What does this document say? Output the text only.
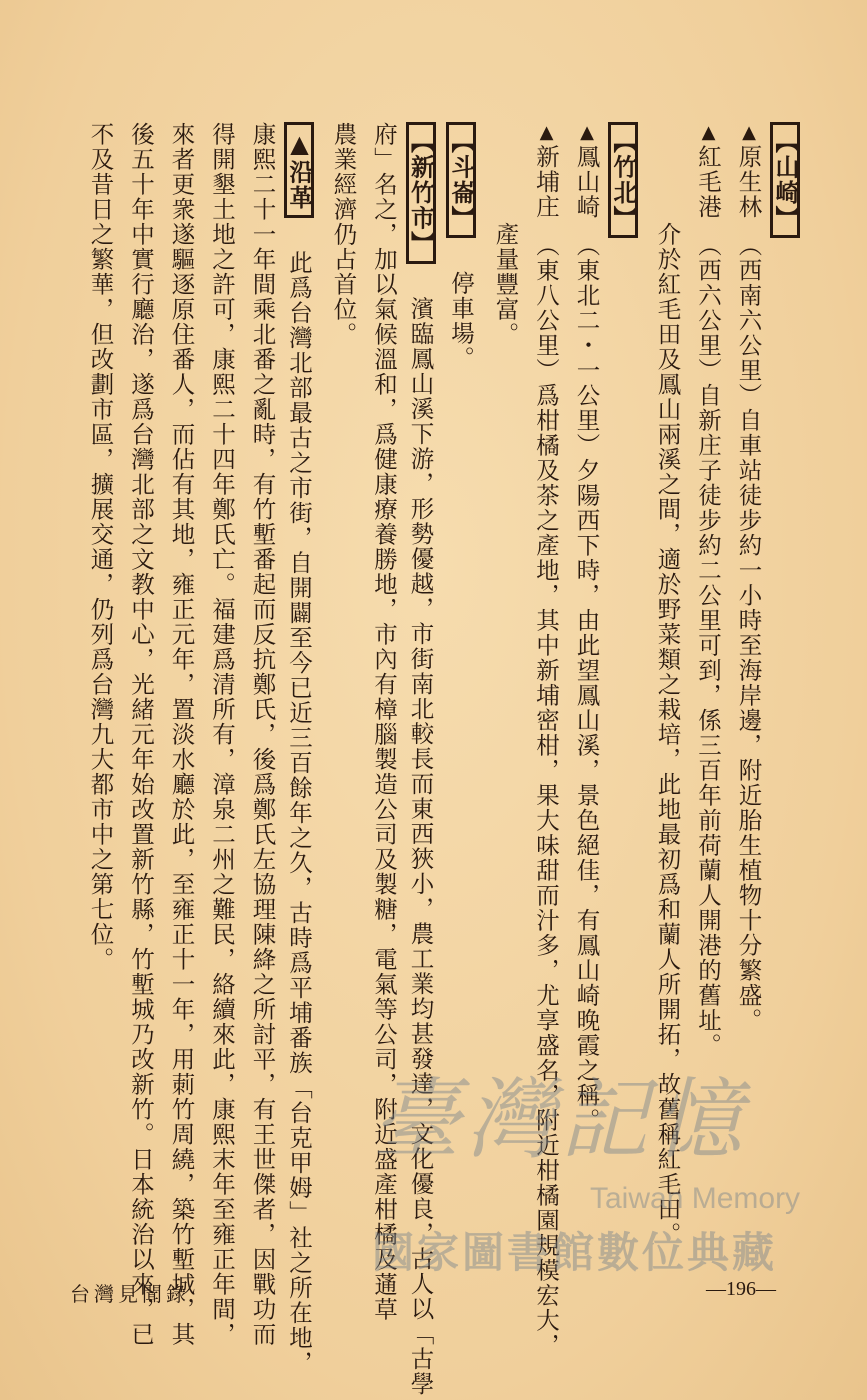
【山崎】
▲原生林　（西南六公里）自車站徒步約一小時至海岸邊，附近胎生植物十分繁盛。
▲紅毛港　（西六公里）自新庄子徒步約二公里可到，係三百年前荷蘭人開港的舊址。
　　　　介於紅毛田及鳳山兩溪之間，適於野菜類之栽培，此地最初爲和蘭人所開拓，故舊稱紅毛田。
【竹北】
▲鳳山崎　（東北二・一公里）夕陽西下時，由此望鳳山溪，景色絕佳，有鳳山崎晚霞之稱。
▲新埔庄　（東八公里）爲柑橘及茶之產地，其中新埔密柑，果大味甜而汁多，尤享盛名，附近柑橘園規模宏大，
　　　　產量豐富。
【斗崙】　停車場。
【新竹市】　濱臨鳳山溪下游，形勢優越，市街南北較長而東西狹小，農工業均甚發達，文化優良，古人以「古學
府」名之，加以氣候溫和，爲健康療養勝地，市內有樟腦製造公司及製糖，電氣等公司，附近盛產柑橘及蓪草
農業經濟仍占首位。
▲沿革　此爲台灣北部最古之市街，自開闢至今已近三百餘年之久，古時爲平埔番族「台克甲姆」社之所在地，
康熙二十一年間乘北番之亂時，有竹塹番起而反抗鄭氏，後爲鄭氏左協理陳絳之所討平，有王世傑者，因戰功而
得開墾土地之許可，康熙二十四年鄭氏亡。福建爲清所有，漳泉二州之難民，絡續來此，康熙末年至雍正年間，
來者更衆遂驅逐原住番人，而佔有其地，雍正元年，置淡水廳於此，至雍正十一年，用莿竹周繞，築竹塹城，其
後五十年中實行廳治，遂爲台灣北部之文教中心，光緒元年始改置新竹縣，竹塹城乃改新竹。日本統治以來，已
不及昔日之繁華，但改劃市區，擴展交通，仍列爲台灣九大都市中之第七位。
台灣見聞錄	—196—
臺灣記憶
Taiwan Memory
國家圖書館數位典藏
